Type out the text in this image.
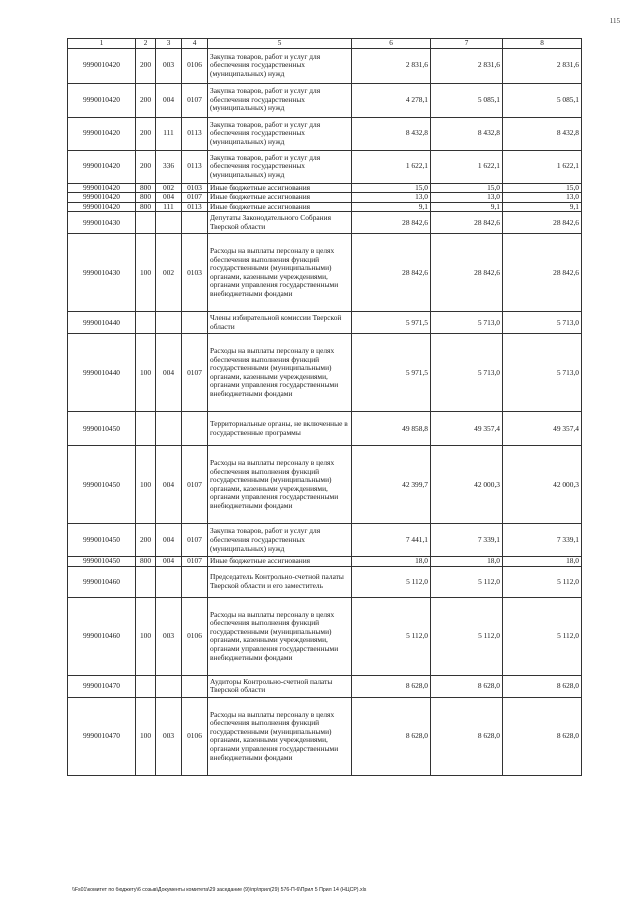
115
1	2	3	4	5	6	7	8
9990010420	200	003	0106	Закупка товаров, работ и услуг для обеспечения государственных (муниципальных) нужд	2 831,6	2 831,6	2 831,6
9990010420	200	004	0107	Закупка товаров, работ и услуг для обеспечения государственных (муниципальных) нужд	4 278,1	5 085,1	5 085,1
9990010420	200	111	0113	Закупка товаров, работ и услуг для обеспечения государственных (муниципальных) нужд	8 432,8	8 432,8	8 432,8
9990010420	200	336	0113	Закупка товаров, работ и услуг для обеспечения государственных (муниципальных) нужд	1 622,1	1 622,1	1 622,1
9990010420	800	002	0103	Иные бюджетные ассигнования	15,0	15,0	15,0
9990010420	800	004	0107	Иные бюджетные ассигнования	13,0	13,0	13,0
9990010420	800	111	0113	Иные бюджетные ассигнования	9,1	9,1	9,1
9990010430				Депутаты Законодательного Собрания Тверской области	28 842,6	28 842,6	28 842,6
9990010430	100	002	0103	Расходы на выплаты персоналу в целях обеспечения выполнения функций государственными (муниципальными) органами, казенными учреждениями, органами управления государственными внебюджетными фондами	28 842,6	28 842,6	28 842,6
9990010440				Члены избирательной комиссии Тверской области	5 971,5	5 713,0	5 713,0
9990010440	100	004	0107	Расходы на выплаты персоналу в целях обеспечения выполнения функций государственными (муниципальными) органами, казенными учреждениями, органами управления государственными внебюджетными фондами	5 971,5	5 713,0	5 713,0
9990010450				Территориальные органы, не включенные в государственные программы	49 858,8	49 357,4	49 357,4
9990010450	100	004	0107	Расходы на выплаты персоналу в целях обеспечения выполнения функций государственными (муниципальными) органами, казенными учреждениями, органами управления государственными внебюджетными фондами	42 399,7	42 000,3	42 000,3
9990010450	200	004	0107	Закупка товаров, работ и услуг для обеспечения государственных (муниципальных) нужд	7 441,1	7 339,1	7 339,1
9990010450	800	004	0107	Иные бюджетные ассигнования	18,0	18,0	18,0
9990010460				Председатель Контрольно-счетной палаты Тверской области и его заместитель	5 112,0	5 112,0	5 112,0
9990010460	100	003	0106	Расходы на выплаты персоналу в целях обеспечения выполнения функций государственными (муниципальными) органами, казенными учреждениями, органами управления государственными внебюджетными фондами	5 112,0	5 112,0	5 112,0
9990010470				Аудиторы Контрольно-счетной палаты Тверской области	8 628,0	8 628,0	8 628,0
9990010470	100	003	0106	Расходы на выплаты персоналу в целях обеспечения выполнения функций государственными (муниципальными) органами, казенными учреждениями, органами управления государственными внебюджетными фондами	8 628,0	8 628,0	8 628,0
\\Fs01\комитет по бюджету\6 созыв\Документы комитета\29 заседание (9)\пр\прил(29) 576-П-6\Прил 5 Прил 14 (НЦСР).xls
